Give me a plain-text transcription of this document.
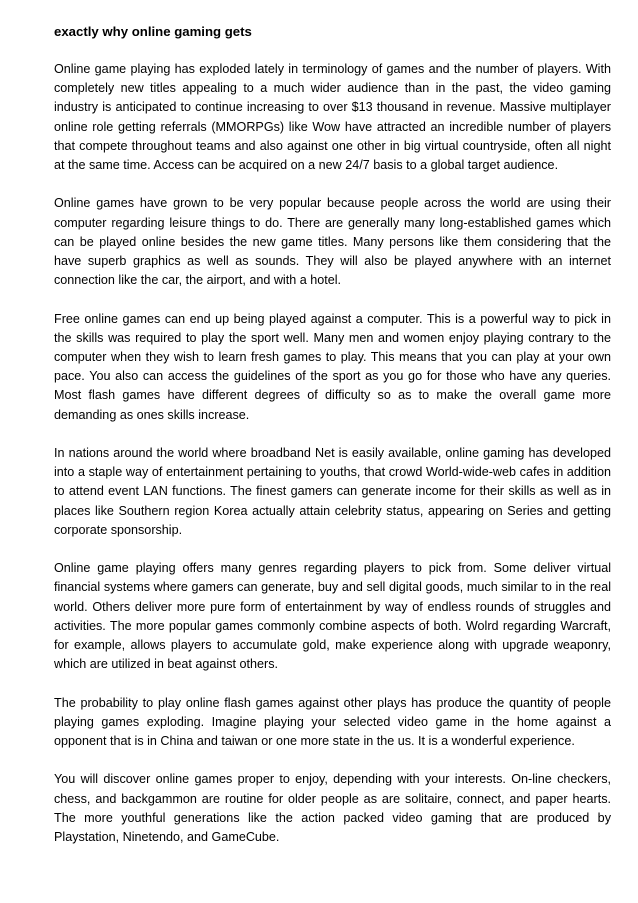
exactly why online gaming gets

Online game playing has exploded lately in terminology of games and the number of players. With completely new titles appealing to a much wider audience than in the past, the video gaming industry is anticipated to continue increasing to over $13 thousand in revenue. Massive multiplayer online role getting referrals (MMORPGs) like Wow have attracted an incredible number of players that compete throughout teams and also against one other in big virtual countryside, often all night at the same time. Access can be acquired on a new 24/7 basis to a global target audience.

Online games have grown to be very popular because people across the world are using their computer regarding leisure things to do. There are generally many long-established games which can be played online besides the new game titles. Many persons like them considering that the have superb graphics as well as sounds. They will also be played anywhere with an internet connection like the car, the airport, and with a hotel.

Free online games can end up being played against a computer. This is a powerful way to pick in the skills was required to play the sport well. Many men and women enjoy playing contrary to the computer when they wish to learn fresh games to play. This means that you can play at your own pace. You also can access the guidelines of the sport as you go for those who have any queries. Most flash games have different degrees of difficulty so as to make the overall game more demanding as ones skills increase.

In nations around the world where broadband Net is easily available, online gaming has developed into a staple way of entertainment pertaining to youths, that crowd World-wide-web cafes in addition to attend event LAN functions. The finest gamers can generate income for their skills as well as in places like Southern region Korea actually attain celebrity status, appearing on Series and getting corporate sponsorship.

Online game playing offers many genres regarding players to pick from. Some deliver virtual financial systems where gamers can generate, buy and sell digital goods, much similar to in the real world. Others deliver more pure form of entertainment by way of endless rounds of struggles and activities. The more popular games commonly combine aspects of both. Wolrd regarding Warcraft, for example, allows players to accumulate gold, make experience along with upgrade weaponry, which are utilized in beat against others.

The probability to play online flash games against other plays has produce the quantity of people playing games exploding. Imagine playing your selected video game in the home against a opponent that is in China and taiwan or one more state in the us. It is a wonderful experience.

You will discover online games proper to enjoy, depending with your interests. On-line checkers, chess, and backgammon are routine for older people as are solitaire, connect, and paper hearts. The more youthful generations like the action packed video gaming that are produced by Playstation, Ninetendo, and GameCube.
